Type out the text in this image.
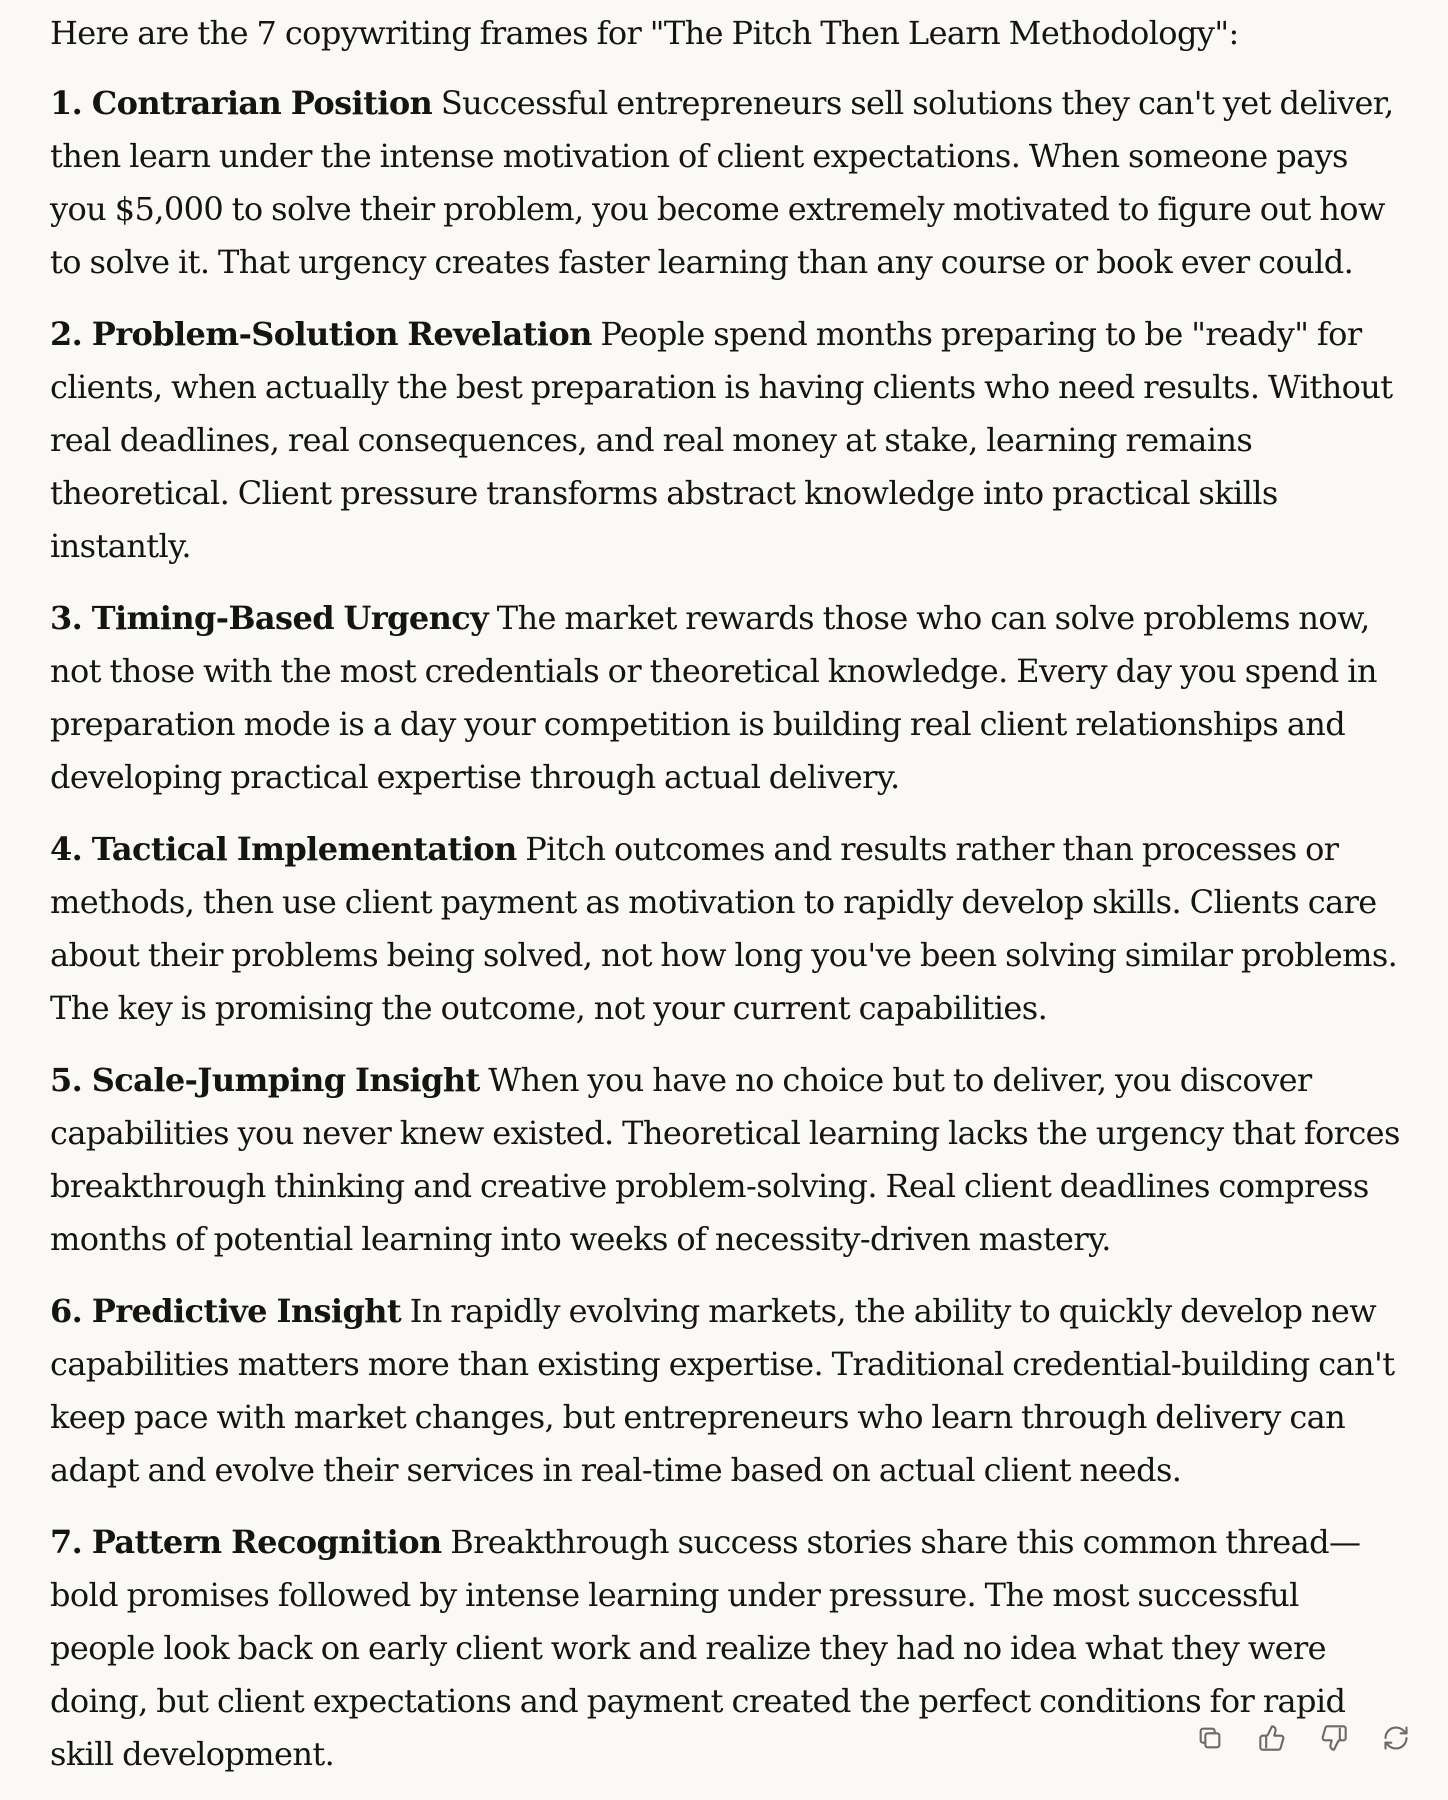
Here are the 7 copywriting frames for "The Pitch Then Learn Methodology":

1. Contrarian Position Successful entrepreneurs sell solutions they can't yet deliver, then learn under the intense motivation of client expectations. When someone pays you $5,000 to solve their problem, you become extremely motivated to figure out how to solve it. That urgency creates faster learning than any course or book ever could.

2. Problem-Solution Revelation People spend months preparing to be "ready" for clients, when actually the best preparation is having clients who need results. Without real deadlines, real consequences, and real money at stake, learning remains theoretical. Client pressure transforms abstract knowledge into practical skills instantly.

3. Timing-Based Urgency The market rewards those who can solve problems now, not those with the most credentials or theoretical knowledge. Every day you spend in preparation mode is a day your competition is building real client relationships and developing practical expertise through actual delivery.

4. Tactical Implementation Pitch outcomes and results rather than processes or methods, then use client payment as motivation to rapidly develop skills. Clients care about their problems being solved, not how long you've been solving similar problems. The key is promising the outcome, not your current capabilities.

5. Scale-Jumping Insight When you have no choice but to deliver, you discover capabilities you never knew existed. Theoretical learning lacks the urgency that forces breakthrough thinking and creative problem-solving. Real client deadlines compress months of potential learning into weeks of necessity-driven mastery.

6. Predictive Insight In rapidly evolving markets, the ability to quickly develop new capabilities matters more than existing expertise. Traditional credential-building can't keep pace with market changes, but entrepreneurs who learn through delivery can adapt and evolve their services in real-time based on actual client needs.

7. Pattern Recognition Breakthrough success stories share this common thread—bold promises followed by intense learning under pressure. The most successful people look back on early client work and realize they had no idea what they were doing, but client expectations and payment created the perfect conditions for rapid skill development.
